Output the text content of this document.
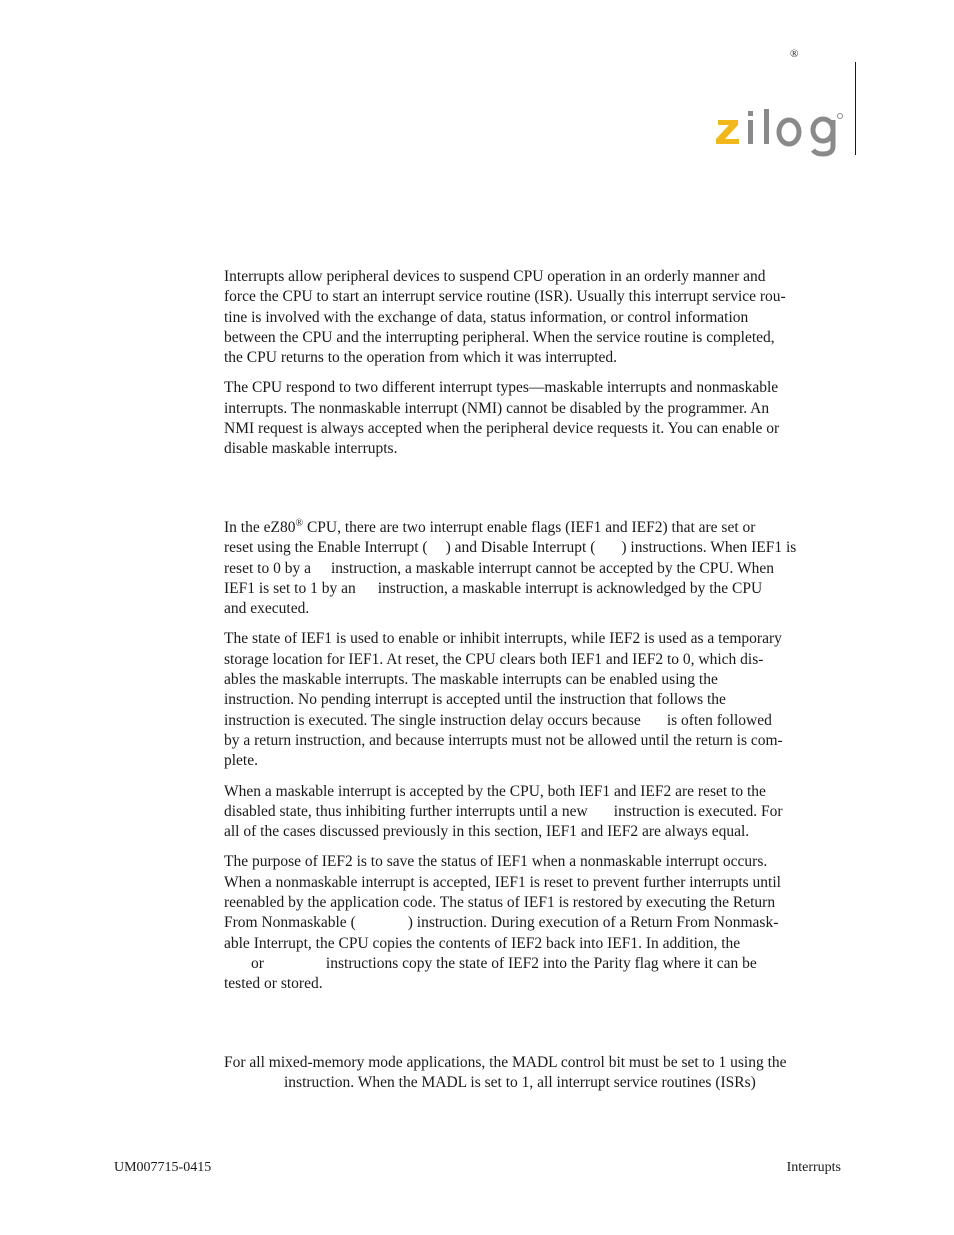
®

Interrupts allow peripheral devices to suspend CPU operation in an orderly manner and
force the CPU to start an interrupt service routine (ISR). Usually this interrupt service rou-
tine is involved with the exchange of data, status information, or control information
between the CPU and the interrupting peripheral. When the service routine is completed,
the CPU returns to the operation from which it was interrupted.

The CPU respond to two different interrupt types—maskable interrupts and nonmaskable
interrupts. The nonmaskable interrupt (NMI) cannot be disabled by the programmer. An
NMI request is always accepted when the peripheral device requests it. You can enable or
disable maskable interrupts.

In the eZ80® CPU, there are two interrupt enable flags (IEF1 and IEF2) that are set or
reset using the Enable Interrupt ( ) and Disable Interrupt ( ) instructions. When IEF1 is
reset to 0 by a instruction, a maskable interrupt cannot be accepted by the CPU. When
IEF1 is set to 1 by an instruction, a maskable interrupt is acknowledged by the CPU
and executed.

The state of IEF1 is used to enable or inhibit interrupts, while IEF2 is used as a temporary
storage location for IEF1. At reset, the CPU clears both IEF1 and IEF2 to 0, which dis-
ables the maskable interrupts. The maskable interrupts can be enabled using the
instruction. No pending interrupt is accepted until the instruction that follows the
instruction is executed. The single instruction delay occurs because is often followed
by a return instruction, and because interrupts must not be allowed until the return is com-
plete.

When a maskable interrupt is accepted by the CPU, both IEF1 and IEF2 are reset to the
disabled state, thus inhibiting further interrupts until a new instruction is executed. For
all of the cases discussed previously in this section, IEF1 and IEF2 are always equal.

The purpose of IEF2 is to save the status of IEF1 when a nonmaskable interrupt occurs.
When a nonmaskable interrupt is accepted, IEF1 is reset to prevent further interrupts until
reenabled by the application code. The status of IEF1 is restored by executing the Return
From Nonmaskable (	) instruction. During execution of a Return From Nonmask-
able Interrupt, the CPU copies the contents of IEF2 back into IEF1. In addition, the
or	instructions copy the state of IEF2 into the Parity flag where it can be
tested or stored.

For all mixed-memory mode applications, the MADL control bit must be set to 1 using the
instruction. When the MADL is set to 1, all interrupt service routines (ISRs)

UM007715-0415	Interrupts
